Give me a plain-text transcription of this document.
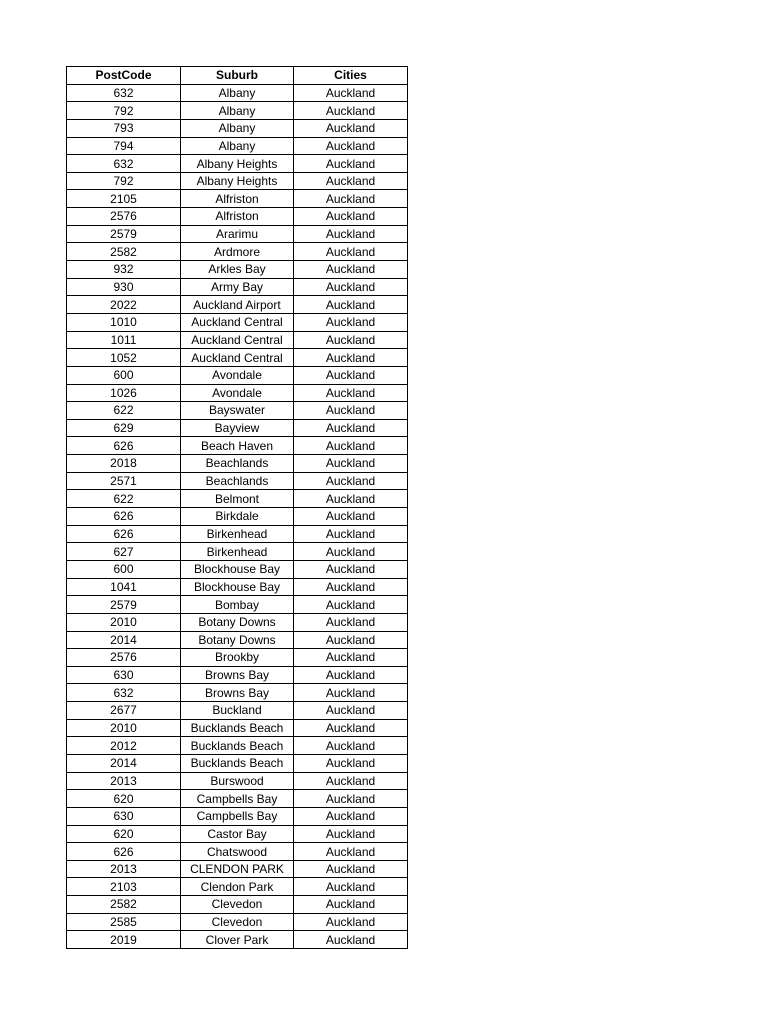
PostCode	Suburb	Cities
632	Albany	Auckland
792	Albany	Auckland
793	Albany	Auckland
794	Albany	Auckland
632	Albany Heights	Auckland
792	Albany Heights	Auckland
2105	Alfriston	Auckland
2576	Alfriston	Auckland
2579	Ararimu	Auckland
2582	Ardmore	Auckland
932	Arkles Bay	Auckland
930	Army Bay	Auckland
2022	Auckland Airport	Auckland
1010	Auckland Central	Auckland
1011	Auckland Central	Auckland
1052	Auckland Central	Auckland
600	Avondale	Auckland
1026	Avondale	Auckland
622	Bayswater	Auckland
629	Bayview	Auckland
626	Beach Haven	Auckland
2018	Beachlands	Auckland
2571	Beachlands	Auckland
622	Belmont	Auckland
626	Birkdale	Auckland
626	Birkenhead	Auckland
627	Birkenhead	Auckland
600	Blockhouse Bay	Auckland
1041	Blockhouse Bay	Auckland
2579	Bombay	Auckland
2010	Botany Downs	Auckland
2014	Botany Downs	Auckland
2576	Brookby	Auckland
630	Browns Bay	Auckland
632	Browns Bay	Auckland
2677	Buckland	Auckland
2010	Bucklands Beach	Auckland
2012	Bucklands Beach	Auckland
2014	Bucklands Beach	Auckland
2013	Burswood	Auckland
620	Campbells Bay	Auckland
630	Campbells Bay	Auckland
620	Castor Bay	Auckland
626	Chatswood	Auckland
2013	CLENDON PARK	Auckland
2103	Clendon Park	Auckland
2582	Clevedon	Auckland
2585	Clevedon	Auckland
2019	Clover Park	Auckland
